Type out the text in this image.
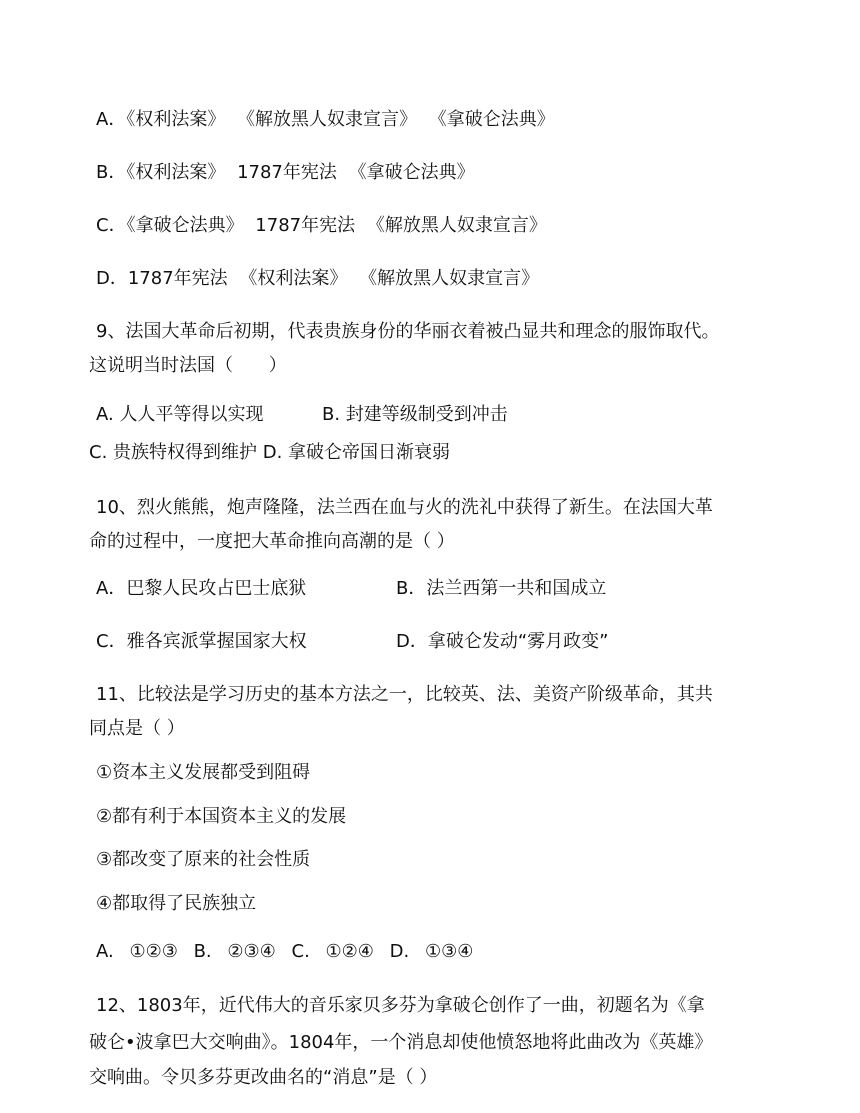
A．《权利法案》 《解放黑人奴隶宣言》 《拿破仑法典》
B．《权利法案》 1787年宪法 《拿破仑法典》
C．《拿破仑法典》 1787年宪法 《解放黑人奴隶宣言》
D．1787年宪法 《权利法案》 《解放黑人奴隶宣言》
9、法国大革命后初期，代表贵族身份的华丽衣着被凸显共和理念的服饰取代。
这说明当时法国（ ）
A. 人人平等得以实现	B. 封建等级制受到冲击
C. 贵族特权得到维护 D. 拿破仑帝国日渐衰弱
10、烈火熊熊，炮声隆隆，法兰西在血与火的洗礼中获得了新生。在法国大革
命的过程中，一度把大革命推向高潮的是（ ）
A．巴黎人民攻占巴士底狱	B．法兰西第一共和国成立
C．雅各宾派掌握国家大权	D．拿破仑发动“雾月政变”
11、比较法是学习历史的基本方法之一，比较英、法、美资产阶级革命，其共
同点是（ ）
①资本主义发展都受到阻碍
②都有利于本国资本主义的发展
③都改变了原来的社会性质
④都取得了民族独立
A. ①②③ B. ②③④ C. ①②④ D. ①③④
12、1803年，近代伟大的音乐家贝多芬为拿破仑创作了一曲，初题名为《拿
破仑•波拿巴大交响曲》。1804年，一个消息却使他愤怒地将此曲改为《英雄》
交响曲。令贝多芬更改曲名的“消息”是（ ）
